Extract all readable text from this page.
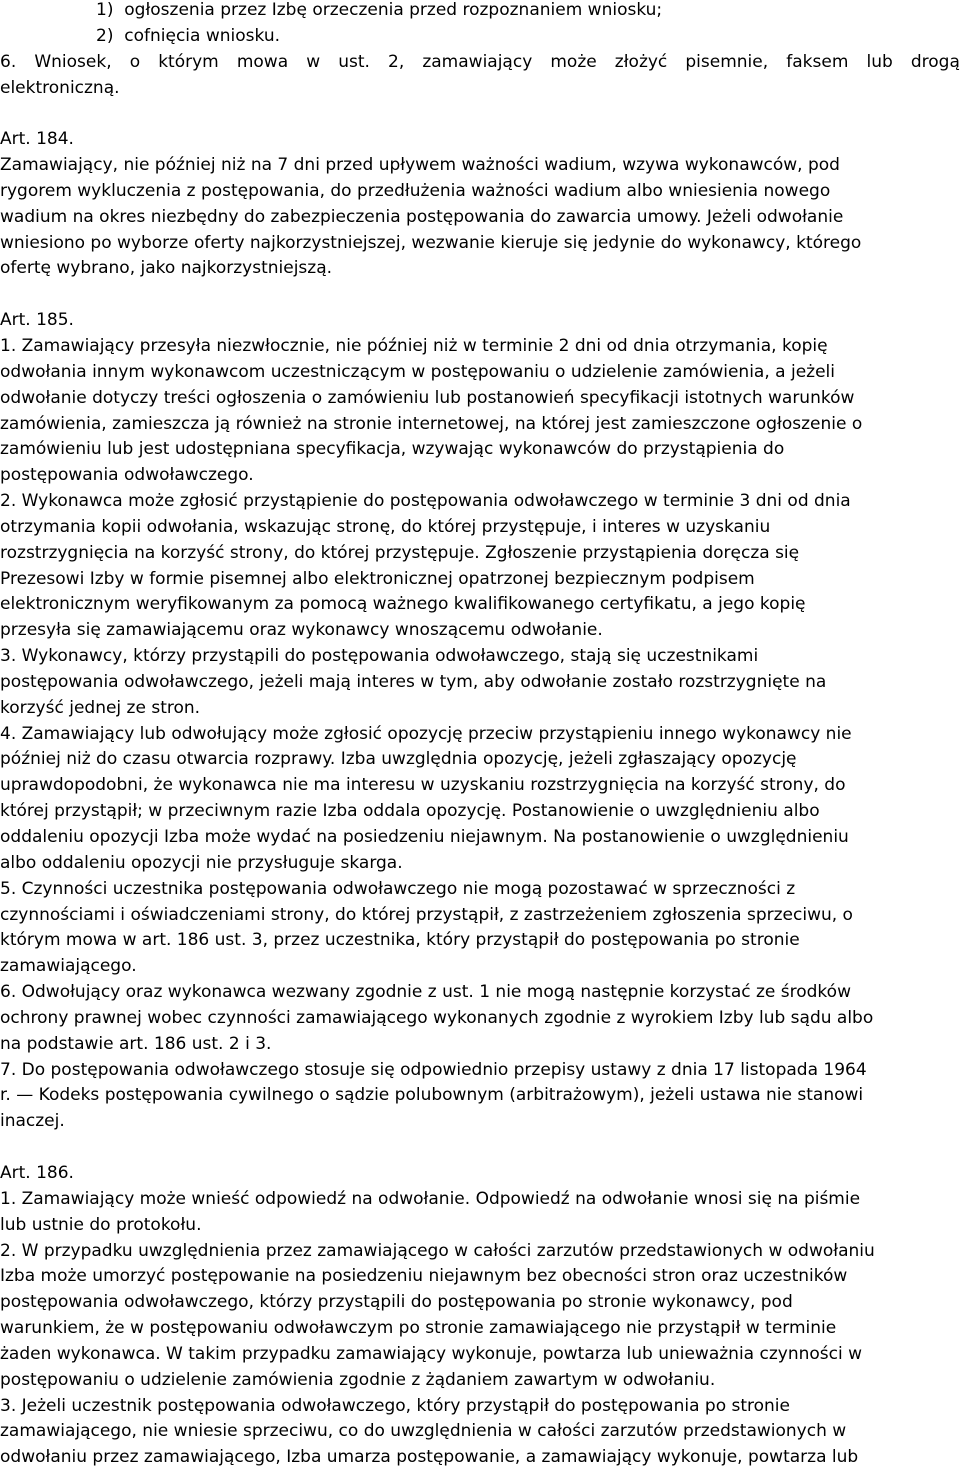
1)  ogłoszenia przez Izbę orzeczenia przed rozpoznaniem wniosku;
2)  cofnięcia wniosku.
6. Wniosek, o którym mowa w ust. 2, zamawiający może złożyć pisemnie, faksem lub drogą
elektroniczną.
Art. 184.
Zamawiający, nie później niż na 7 dni przed upływem ważności wadium, wzywa wykonawców, pod
rygorem wykluczenia z postępowania, do przedłużenia ważności wadium albo wniesienia nowego
wadium na okres niezbędny do zabezpieczenia postępowania do zawarcia umowy. Jeżeli odwołanie
wniesiono po wyborze oferty najkorzystniejszej, wezwanie kieruje się jedynie do wykonawcy, którego
ofertę wybrano, jako najkorzystniejszą.
Art. 185.
1. Zamawiający przesyła niezwłocznie, nie później niż w terminie 2 dni od dnia otrzymania, kopię
odwołania innym wykonawcom uczestniczącym w postępowaniu o udzielenie zamówienia, a jeżeli
odwołanie dotyczy treści ogłoszenia o zamówieniu lub postanowień specyfikacji istotnych warunków
zamówienia, zamieszcza ją również na stronie internetowej, na której jest zamieszczone ogłoszenie o
zamówieniu lub jest udostępniana specyfikacja, wzywając wykonawców do przystąpienia do
postępowania odwoławczego.
2. Wykonawca może zgłosić przystąpienie do postępowania odwoławczego w terminie 3 dni od dnia
otrzymania kopii odwołania, wskazując stronę, do której przystępuje, i interes w uzyskaniu
rozstrzygnięcia na korzyść strony, do której przystępuje. Zgłoszenie przystąpienia doręcza się
Prezesowi Izby w formie pisemnej albo elektronicznej opatrzonej bezpiecznym podpisem
elektronicznym weryfikowanym za pomocą ważnego kwalifikowanego certyfikatu, a jego kopię
przesyła się zamawiającemu oraz wykonawcy wnoszącemu odwołanie.
3. Wykonawcy, którzy przystąpili do postępowania odwoławczego, stają się uczestnikami
postępowania odwoławczego, jeżeli mają interes w tym, aby odwołanie zostało rozstrzygnięte na
korzyść jednej ze stron.
4. Zamawiający lub odwołujący może zgłosić opozycję przeciw przystąpieniu innego wykonawcy nie
później niż do czasu otwarcia rozprawy. Izba uwzględnia opozycję, jeżeli zgłaszający opozycję
uprawdopodobni, że wykonawca nie ma interesu w uzyskaniu rozstrzygnięcia na korzyść strony, do
której przystąpił; w przeciwnym razie Izba oddala opozycję. Postanowienie o uwzględnieniu albo
oddaleniu opozycji Izba może wydać na posiedzeniu niejawnym. Na postanowienie o uwzględnieniu
albo oddaleniu opozycji nie przysługuje skarga.
5. Czynności uczestnika postępowania odwoławczego nie mogą pozostawać w sprzeczności z
czynnościami i oświadczeniami strony, do której przystąpił, z zastrzeżeniem zgłoszenia sprzeciwu, o
którym mowa w art. 186 ust. 3, przez uczestnika, który przystąpił do postępowania po stronie
zamawiającego.
6. Odwołujący oraz wykonawca wezwany zgodnie z ust. 1 nie mogą następnie korzystać ze środków
ochrony prawnej wobec czynności zamawiającego wykonanych zgodnie z wyrokiem Izby lub sądu albo
na podstawie art. 186 ust. 2 i 3.
7. Do postępowania odwoławczego stosuje się odpowiednio przepisy ustawy z dnia 17 listopada 1964
r. — Kodeks postępowania cywilnego o sądzie polubownym (arbitrażowym), jeżeli ustawa nie stanowi
inaczej.
Art. 186.
1. Zamawiający może wnieść odpowiedź na odwołanie. Odpowiedź na odwołanie wnosi się na piśmie
lub ustnie do protokołu.
2. W przypadku uwzględnienia przez zamawiającego w całości zarzutów przedstawionych w odwołaniu
Izba może umorzyć postępowanie na posiedzeniu niejawnym bez obecności stron oraz uczestników
postępowania odwoławczego, którzy przystąpili do postępowania po stronie wykonawcy, pod
warunkiem, że w postępowaniu odwoławczym po stronie zamawiającego nie przystąpił w terminie
żaden wykonawca. W takim przypadku zamawiający wykonuje, powtarza lub unieważnia czynności w
postępowaniu o udzielenie zamówienia zgodnie z żądaniem zawartym w odwołaniu.
3. Jeżeli uczestnik postępowania odwoławczego, który przystąpił do postępowania po stronie
zamawiającego, nie wniesie sprzeciwu, co do uwzględnienia w całości zarzutów przedstawionych w
odwołaniu przez zamawiającego, Izba umarza postępowanie, a zamawiający wykonuje, powtarza lub
